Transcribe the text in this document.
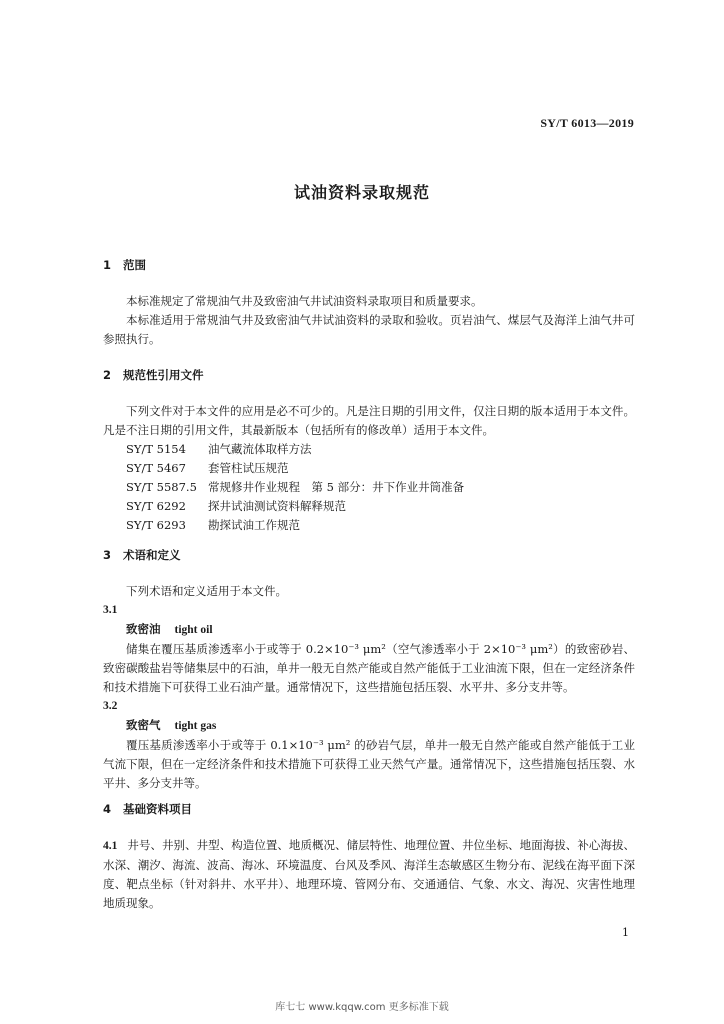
SY/T 6013—2019
试油资料录取规范
1 范围

本标准规定了常规油气井及致密油气井试油资料录取项目和质量要求。

本标准适用于常规油气井及致密油气井试油资料的录取和验收。页岩油气、煤层气及海洋上油气井可参照执行。

2 规范性引用文件

下列文件对于本文件的应用是必不可少的。凡是注日期的引用文件，仅注日期的版本适用于本文件。凡是不注日期的引用文件，其最新版本（包括所有的修改单）适用于本文件。

SY/T 5154 油气藏流体取样方法
SY/T 5467 套管柱试压规范
SY/T 5587.5 常规修井作业规程　第 5 部分：井下作业井筒准备
SY/T 6292 探井试油测试资料解释规范
SY/T 6293 勘探试油工作规范
3 术语和定义

下列术语和定义适用于本文件。

3.1
致密油 tight oil

储集在覆压基质渗透率小于或等于 0.2×10⁻³ μm²（空气渗透率小于 2×10⁻³ μm²）的致密砂岩、致密碳酸盐岩等储集层中的石油，单井一般无自然产能或自然产能低于工业油流下限，但在一定经济条件和技术措施下可获得工业石油产量。通常情况下，这些措施包括压裂、水平井、多分支井等。

3.2
致密气 tight gas

覆压基质渗透率小于或等于 0.1×10⁻³ μm² 的砂岩气层，单井一般无自然产能或自然产能低于工业气流下限，但在一定经济条件和技术措施下可获得工业天然气产量。通常情况下，这些措施包括压裂、水平井、多分支井等。

4 基础资料项目

4.1 井号、井别、井型、构造位置、地质概况、储层特性、地理位置、井位坐标、地面海拔、补心海拔、水深、潮汐、海流、波高、海冰、环境温度、台风及季风、海洋生态敏感区生物分布、泥线在海平面下深度、靶点坐标（针对斜井、水平井）、地理环境、管网分布、交通通信、气象、水文、海况、灾害性地理地质现象。

1
库七七 www.kqqw.com 更多标准下载
